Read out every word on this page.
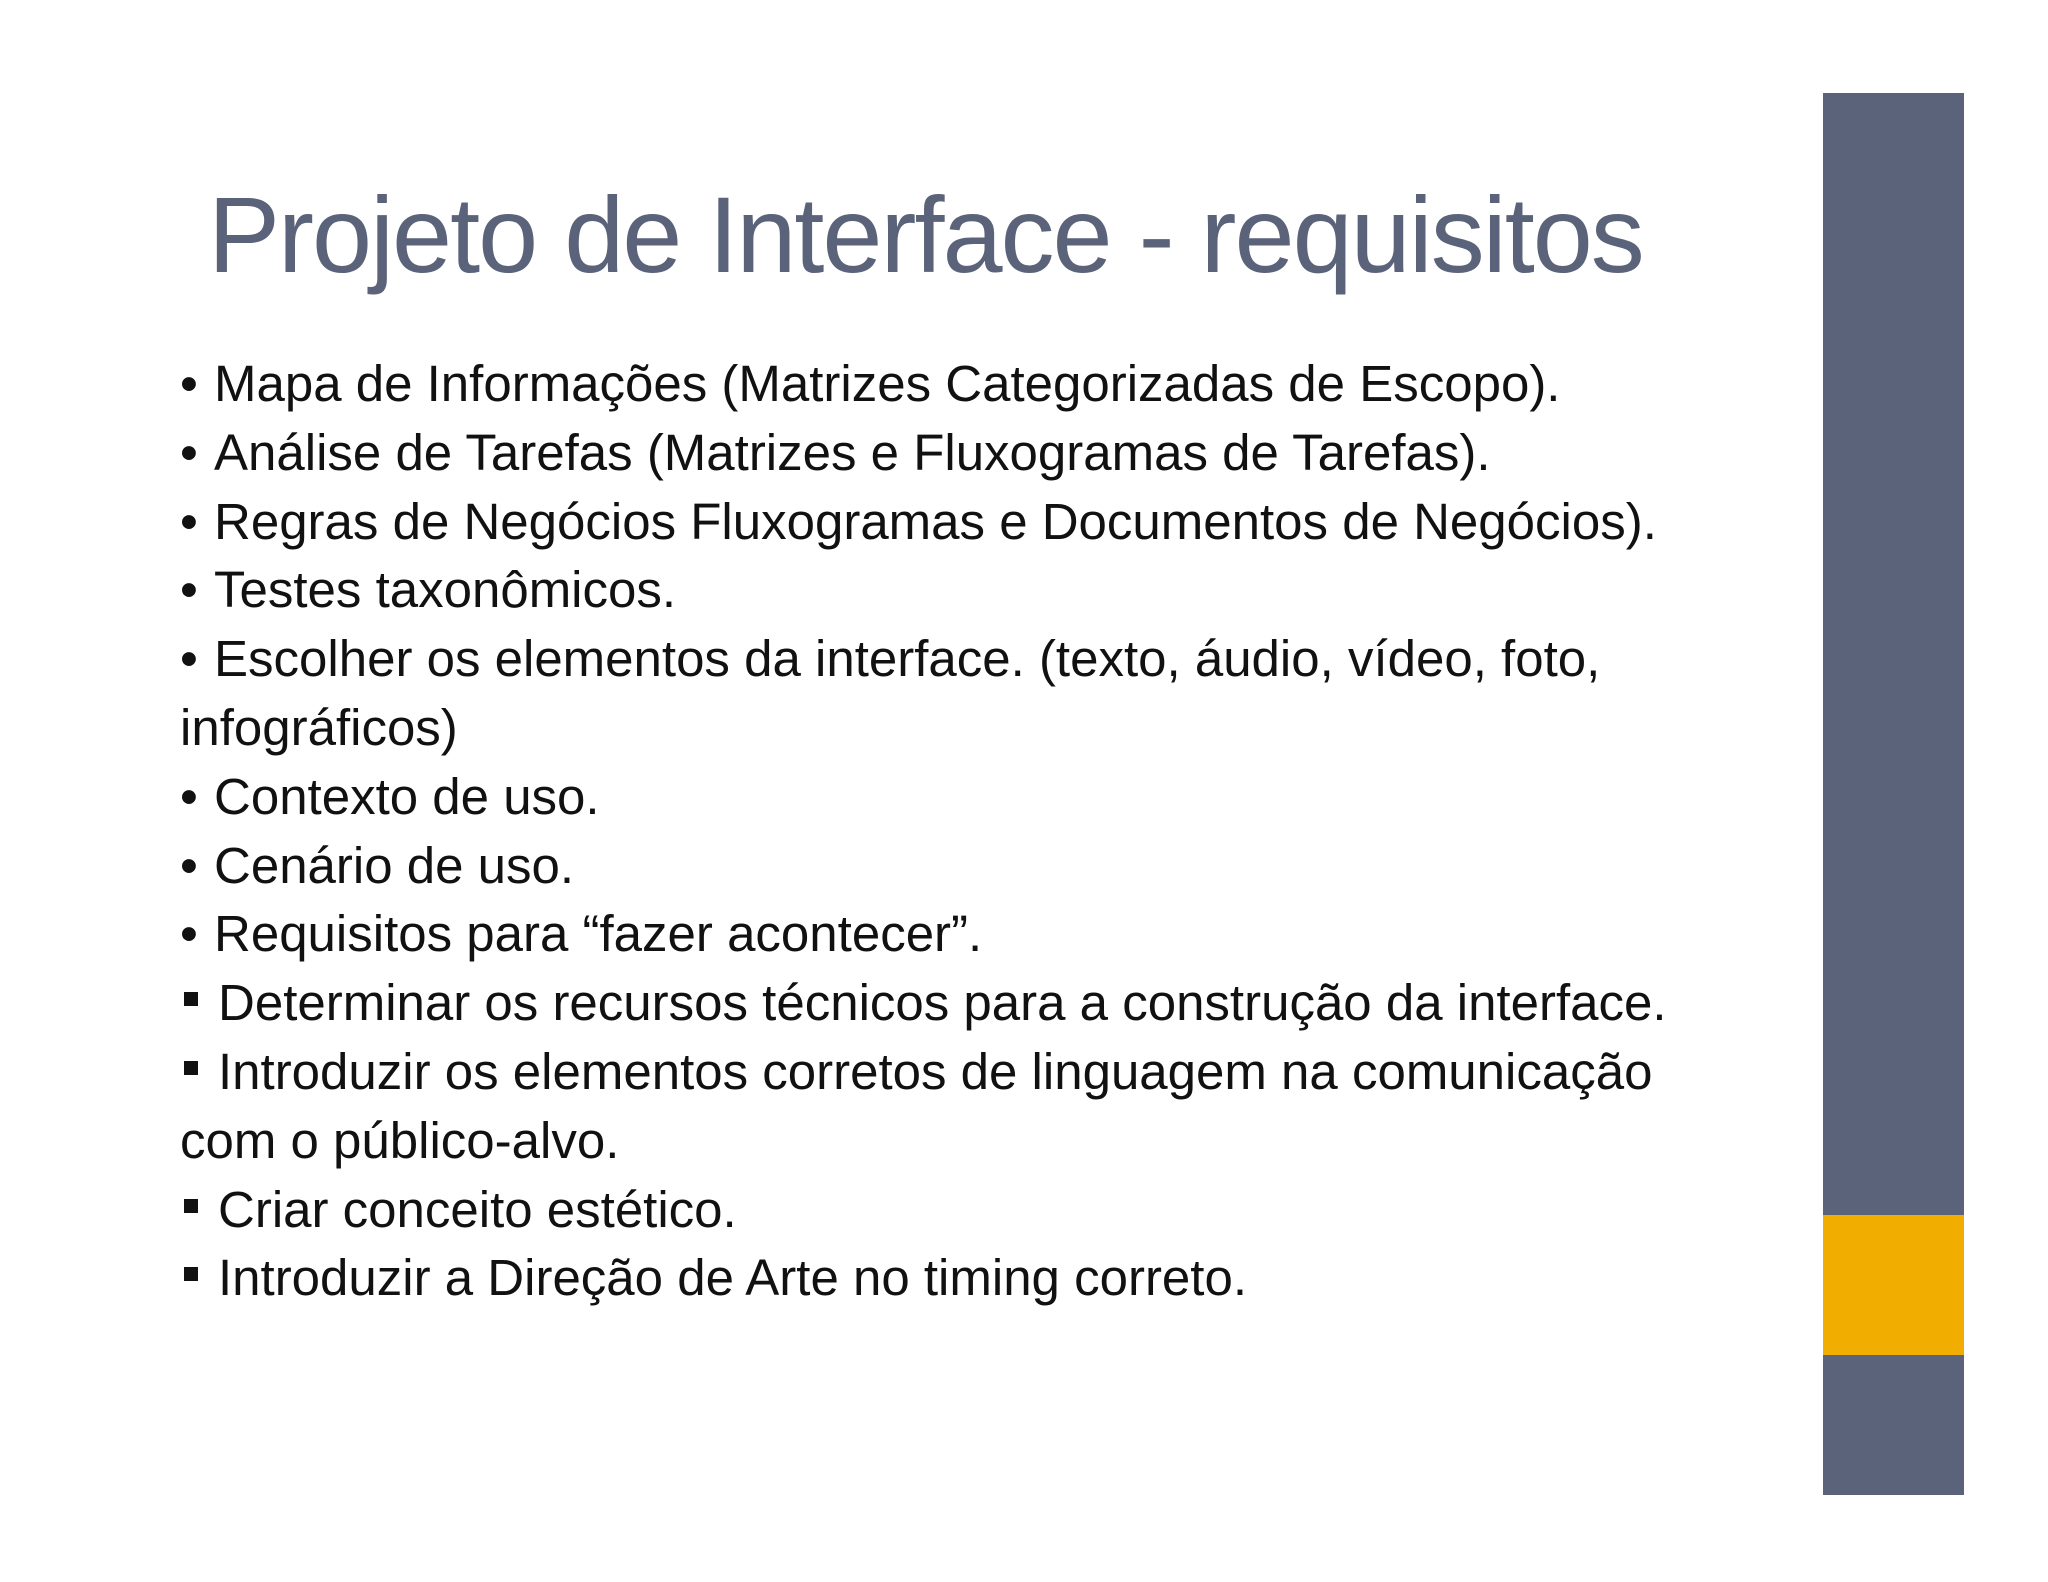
Projeto de Interface - requisitos
• Mapa de Informações (Matrizes Categorizadas de Escopo).
• Análise de Tarefas (Matrizes e Fluxogramas de Tarefas).
• Regras de Negócios Fluxogramas e Documentos de Negócios).
• Testes taxonômicos.
• Escolher os elementos da interface. (texto, áudio, vídeo, foto, infográficos)
• Contexto de uso.
• Cenário de uso.
• Requisitos para “fazer acontecer”.
Determinar os recursos técnicos para a construção da interface.
Introduzir os elementos corretos de linguagem na comunicação com o público-alvo.
Criar conceito estético.
Introduzir a Direção de Arte no timing correto.
